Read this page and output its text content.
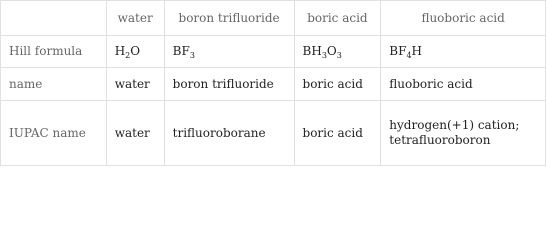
	water	boron trifluoride	boric acid	fluoboric acid
Hill formula	$H_2O$	$BF_3$	$BH_3O_3$	$BF_4H$
name	water	boron trifluoride	boric acid	fluoboric acid
IUPAC name	water	trifluoroborane	boric acid	hydrogen(+1) cation; tetrafluoroboron
